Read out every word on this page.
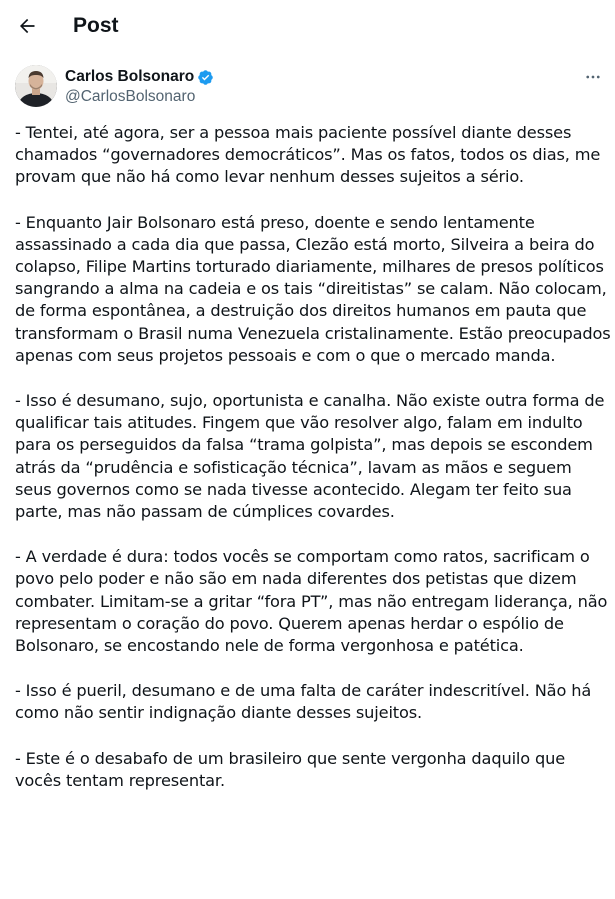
Post
Carlos Bolsonaro
@CarlosBolsonaro

- Tentei, até agora, ser a pessoa mais paciente possível diante desses chamados “governadores democráticos”. Mas os fatos, todos os dias, me provam que não há como levar nenhum desses sujeitos a sério.

- Enquanto Jair Bolsonaro está preso, doente e sendo lentamente assassinado a cada dia que passa, Clezão está morto, Silveira a beira do colapso, Filipe Martins torturado diariamente, milhares de presos políticos sangrando a alma na cadeia e os tais “direitistas” se calam. Não colocam, de forma espontânea, a destruição dos direitos humanos em pauta que transformam o Brasil numa Venezuela cristalinamente. Estão preocupados apenas com seus projetos pessoais e com o que o mercado manda.

- Isso é desumano, sujo, oportunista e canalha. Não existe outra forma de qualificar tais atitudes. Fingem que vão resolver algo, falam em indulto para os perseguidos da falsa “trama golpista”, mas depois se escondem atrás da “prudência e sofisticação técnica”, lavam as mãos e seguem seus governos como se nada tivesse acontecido. Alegam ter feito sua parte, mas não passam de cúmplices covardes.

- A verdade é dura: todos vocês se comportam como ratos, sacrificam o povo pelo poder e não são em nada diferentes dos petistas que dizem combater. Limitam-se a gritar “fora PT”, mas não entregam liderança, não representam o coração do povo. Querem apenas herdar o espólio de Bolsonaro, se encostando nele de forma vergonhosa e patética.

- Isso é pueril, desumano e de uma falta de caráter indescritível. Não há como não sentir indignação diante desses sujeitos.

- Este é o desabafo de um brasileiro que sente vergonha daquilo que vocês tentam representar.
